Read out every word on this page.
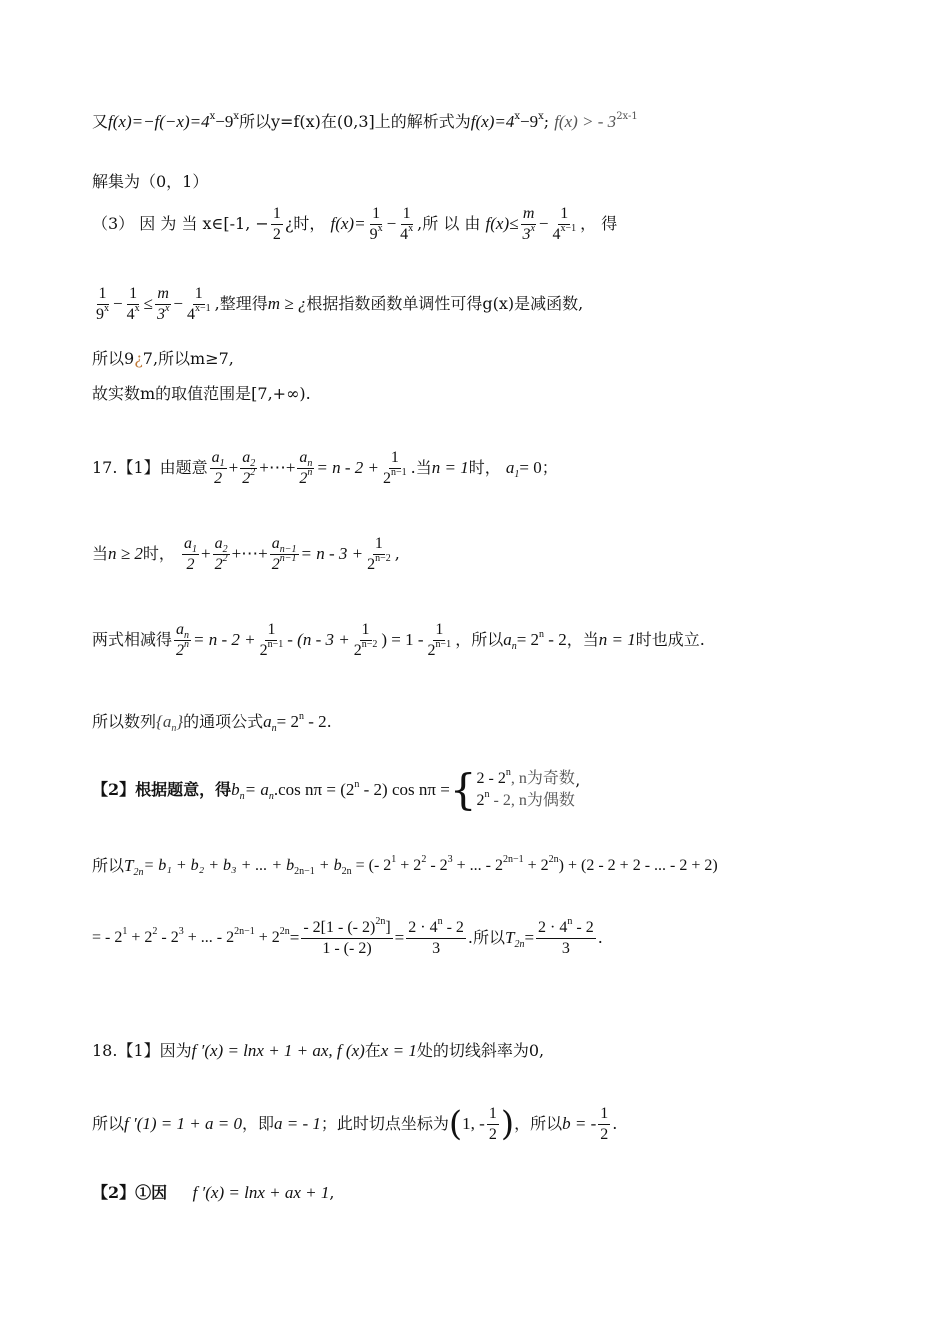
又$f(x)=-f(-x)=4^x-9^x$所以y=f(x)在(0,3]上的解析式为$f(x)=4^x-9^x$; f(x) > - $3^{2x-1}$
解集为（0，1）
（3） 因 为 当 x∈[-1, − $\frac{1}{2}$ ¿时，
$f(x)= \frac{1}{9^x} - \frac{1}{4^x}$ ,所 以 由
$f(x)\le \frac{m}{3^x} - \frac{1}{4^{x-1}}$ ， 得
$\frac{1}{9^x} - \frac{1}{4^x} \le \frac{m}{3^x} - \frac{1}{4^{x-1}}$ ,整理得 m ≥ ¿ 根据指数函数单调性可得g(x)是减函数,
所以9¿7,所以m≥7,
故实数m的取值范围是[7,+∞).
17.【1】由题意 $\frac{a_1}{2} + \frac{a_2}{2^2}$ +⋯+ $\frac{a_n}{2^n} = n - 2 + \frac{1}{2^{n-1}}$ .当 n = 1 时，
$a_1 = 0$ ；
当 n ≥ 2 时，
$\frac{a_1}{2} + \frac{a_2}{2^2}$ +⋯+ $\frac{a_{n-1}}{2^{n-1}} = n - 3 + \frac{1}{2^{n-2}}$ ,
两式相减得 $\frac{a_n}{2^n} = n - 2 + \frac{1}{2^{n-1}} - (n - 3 + \frac{1}{2^{n-2}}$ ) = $1 - \frac{1}{2^{n-1}}$ ，所以 $a_n = 2^n - 2$ ，当 n = 1 时也成立.
所以数列 $\{a_n\}$ 的通项公式 $a_n = 2^n - 2$ .
【2】根据题意，得 $b_n = a_n$ .cos $n\pi = (2^n - 2)$ cos nπ = { 2 - 2$^n$, n为奇数
2$^n$ - 2, n为偶数
’
所以 $T_{2n} = b_1 + b_2 + b_3$ + ... + $b_{2n-1} + b_{2n}$ = (- $2^1 + 2^2 - 2^3$ + ... - $2^{2n-1} + 2^{2n}) + (2 - 2 + 2$ - ... - 2 + 2)
= - $2^1 + 2^2 - 2^3$ + ... - $2^{2n-1} + 2^{2n} = \frac{- 2[1 - (- 2)^{2n}]}{1 - (- 2)} = \frac{2 \cdot 4^n - 2}{3}$ .所以 $T_{2n} = \frac{2 \cdot 4^n - 2}{3}$ .
18.【1】因为 f ′(x) = lnx + 1 + ax, f (x) 在 x = 1 处的切线斜率为0,
所以 f ′(1) = 1 + a = 0 ，即 a = - 1 ；此时切点坐标为 ( 1, - $\frac{1}{2}$ ) ，所以 b = - $\frac{1}{2}$ .
【2】①因
f ′(x) = lnx + ax + 1 ,
